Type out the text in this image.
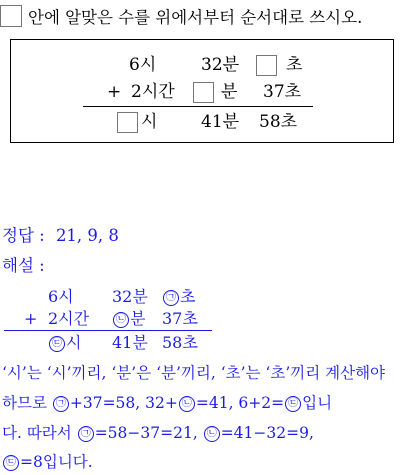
안에 알맞은 수를 위에서부터 순서대로 쓰시오.
6시	32분	초
+ 2시간	분 37초
시	41분 58초
정답 : 21, 9, 8
해설 :
6시 32분	㉠ 초
+ 2시간	㉡ 분 37초
㉢ 시 41분 58초
‘시’는 ‘시’끼리, ‘분’은 ‘분’끼리, ‘초’는 ‘초’끼리 계산해야
하므로 ㉠ +37=58, 32+ ㉡ =41, 6+2= ㉢ 입니
다. 따라서 ㉠ =58−37=21, ㉡ =41−32=9,
㉢ =8입니다.
